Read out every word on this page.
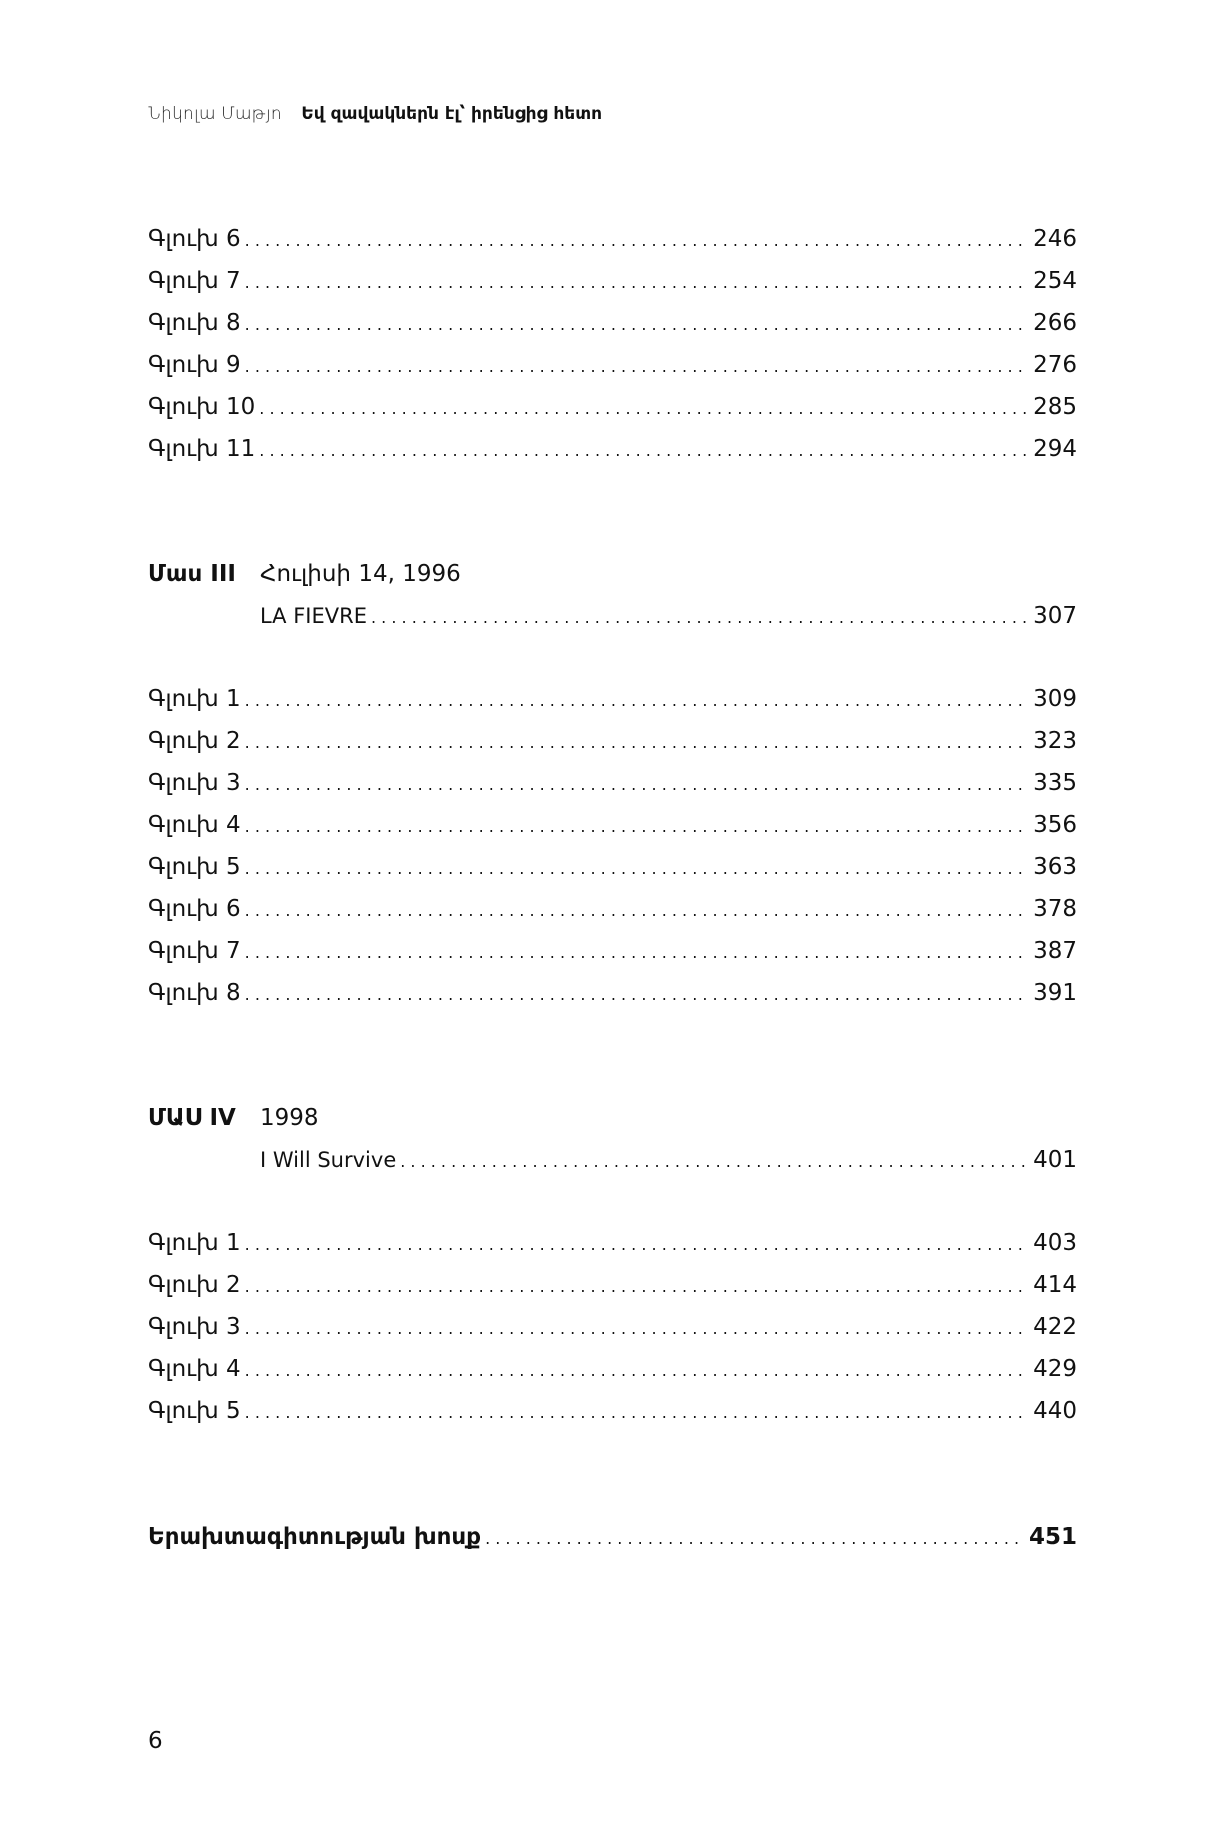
Նիկոլա Մաթյո Եվ զավակներն էլ՝ իրենցից հետո
Գլուխ 6 . . .	246
Գլուխ 7 . . .	254
Գլուխ 8 . . .	266
Գլուխ 9 . . .	276
Գլուխ 10 . . .	285
Գլուխ 11 . . .	294
Մաս III	Հուլիսի 14, 1996
LA FIEVRE . . .	307
Գլուխ 1 . . .	309
Գլուխ 2 . . .	323
Գլուխ 3 . . .	335
Գլուխ 4 . . .	356
Գլուխ 5 . . .	363
Գլուխ 6 . . .	378
Գլուխ 7 . . .	387
Գլուխ 8 . . .	391
ՄԱՍ IV	1998
I Will Survive . . .	401
Գլուխ 1 . . .	403
Գլուխ 2 . . .	414
Գլուխ 3 . . .	422
Գլուխ 4 . . .	429
Գլուխ 5 . . .	440
Երախտագիտության խոսք . . .	451
6
